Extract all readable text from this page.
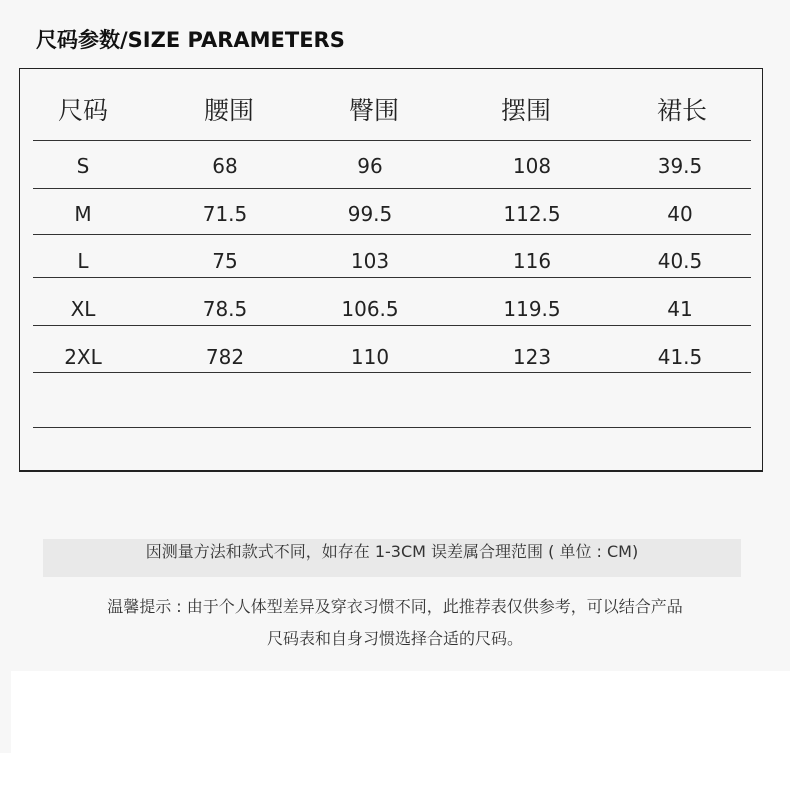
尺码参数/SIZE PARAMETERS
尺码	腰围	臀围	摆围	裙长
S	68	96	108	39.5
M	71.5	99.5	112.5	40
L	75	103	116	40.5
XL	78.5	106.5	119.5	41
2XL	782	110	123	41.5
因测量方法和款式不同，如存在 1-3CM 误差属合理范围 ( 单位 : CM)
温馨提示 : 由于个人体型差异及穿衣习惯不同，此推荐表仅供参考，可以结合产品
尺码表和自身习惯选择合适的尺码。
